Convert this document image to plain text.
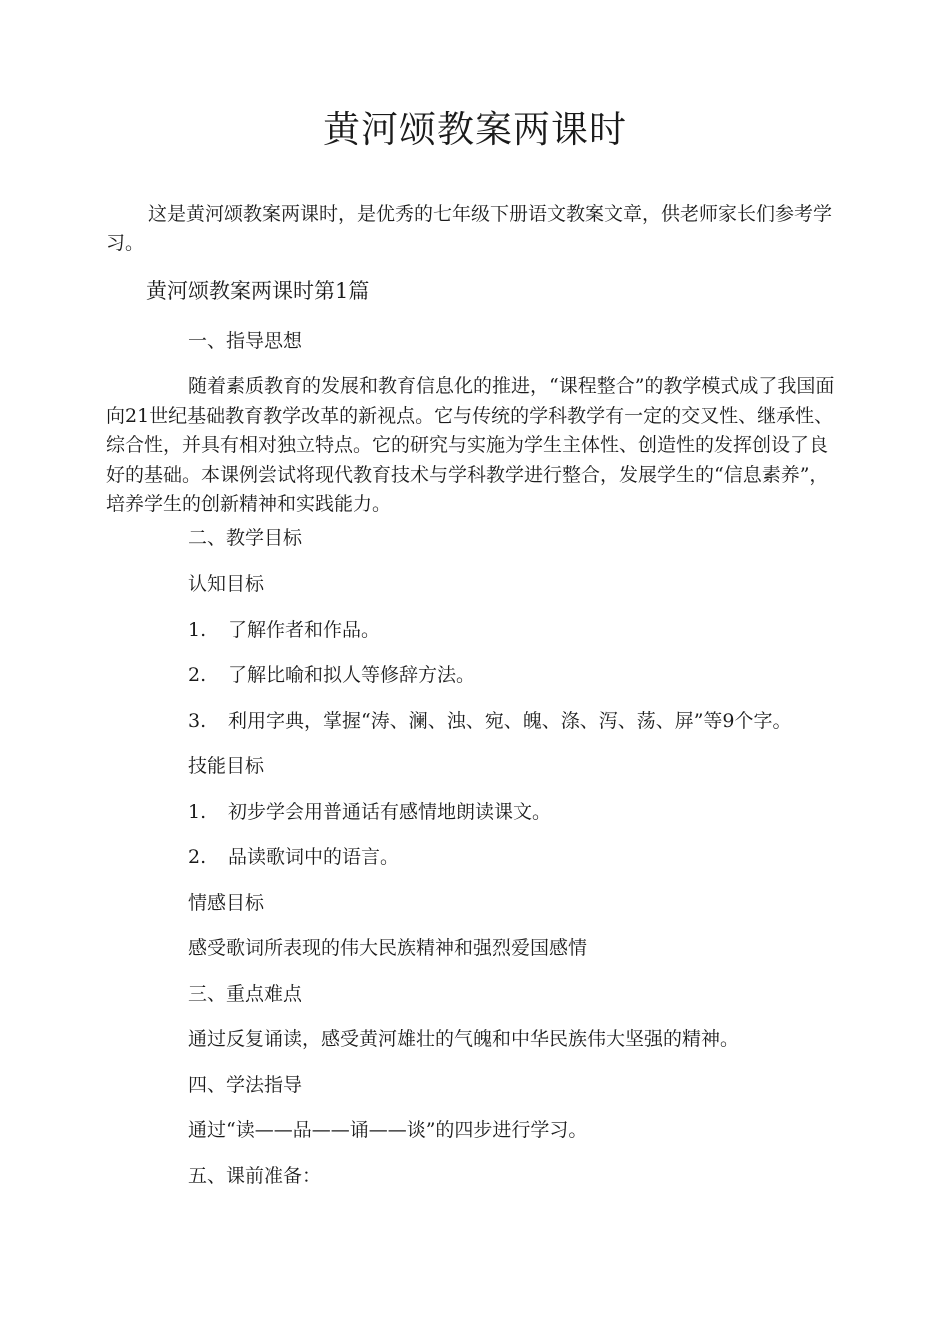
黄河颂教案两课时

这是黄河颂教案两课时，是优秀的七年级下册语文教案文章，供老师家长们参考学习。

黄河颂教案两课时第1篇

一、指导思想

随着素质教育的发展和教育信息化的推进，“课程整合”的教学模式成了我国面向21世纪基础教育教学改革的新视点。它与传统的学科教学有一定的交叉性、继承性、综合性，并具有相对独立特点。它的研究与实施为学生主体性、创造性的发挥创设了良好的基础。本课例尝试将现代教育技术与学科教学进行整合，发展学生的“信息素养”，培养学生的创新精神和实践能力。

二、教学目标

认知目标

1. 了解作者和作品。

2. 了解比喻和拟人等修辞方法。

3. 利用字典，掌握“涛、澜、浊、宛、魄、涤、泻、荡、屏”等9个字。

技能目标

1. 初步学会用普通话有感情地朗读课文。

2. 品读歌词中的语言。

情感目标

感受歌词所表现的伟大民族精神和强烈爱国感情

三、重点难点

通过反复诵读，感受黄河雄壮的气魄和中华民族伟大坚强的精神。

四、学法指导

通过“读——品——诵——谈”的四步进行学习。

五、课前准备：
